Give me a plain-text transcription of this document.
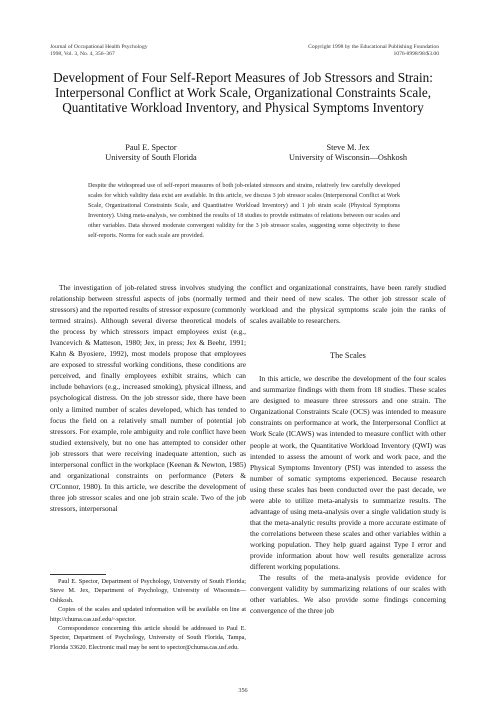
Journal of Occupational Health Psychology
1998, Vol. 3, No. 4, 356–367
Copyright 1998 by the Educational Publishing Foundation
1076-8998/98/$3.00
Development of Four Self-Report Measures of Job Stressors and Strain: Interpersonal Conflict at Work Scale, Organizational Constraints Scale, Quantitative Workload Inventory, and Physical Symptoms Inventory
Paul E. Spector
University of South Florida
Steve M. Jex
University of Wisconsin—Oshkosh

Despite the widespread use of self-report measures of both job-related stressors and strains, relatively few carefully developed scales for which validity data exist are available. In this article, we discuss 3 job stressor scales (Interpersonal Conflict at Work Scale, Organizational Constraints Scale, and Quantitative Workload Inventory) and 1 job strain scale (Physical Symptoms Inventory). Using meta-analysis, we combined the results of 18 studies to provide estimates of relations between our scales and other variables. Data showed moderate convergent validity for the 3 job stressor scales, suggesting some objectivity to these self-reports. Norms for each scale are provided.

The investigation of job-related stress involves studying the relationship between stressful aspects of jobs (normally termed stressors) and the reported results of stressor exposure (commonly termed strains). Although several diverse theoretical models of the process by which stressors impact employees exist (e.g., Ivancevich & Matteson, 1980; Jex, in press; Jex & Beehr, 1991; Kahn & Byosiere, 1992), most models propose that employees are exposed to stressful working conditions, these conditions are perceived, and finally employees exhibit strains, which can include behaviors (e.g., increased smoking), physical illness, and psychological distress. On the job stressor side, there have been only a limited number of scales developed, which has tended to focus the field on a relatively small number of potential job stressors. For example, role ambiguity and role conflict have been studied extensively, but no one has attempted to consider other job stressors that were receiving inadequate attention, such as interpersonal conflict in the workplace (Keenan & Newton, 1985) and organizational constraints on performance (Peters & O'Connor, 1980). In this article, we describe the development of three job stressor scales and one job strain scale. Two of the job stressors, interpersonal

conflict and organizational constraints, have been rarely studied and their need of new scales. The other job stressor scale of workload and the physical symptoms scale join the ranks of scales available to researchers.

The Scales

In this article, we describe the development of the four scales and summarize findings with them from 18 studies. These scales are designed to measure three stressors and one strain. The Organizational Constraints Scale (OCS) was intended to measure constraints on performance at work, the Interpersonal Conflict at Work Scale (ICAWS) was intended to measure conflict with other people at work, the Quantitative Workload Inventory (QWI) was intended to assess the amount of work and work pace, and the Physical Symptoms Inventory (PSI) was intended to assess the number of somatic symptoms experienced. Because research using these scales has been conducted over the past decade, we were able to utilize meta-analysis to summarize results. The advantage of using meta-analysis over a single validation study is that the meta-analytic results provide a more accurate estimate of the correlations between these scales and other variables within a working population. They help guard against Type I error and provide information about how well results generalize across different working populations.

The results of the meta-analysis provide evidence for convergent validity by summarizing relations of our scales with other variables. We also provide some findings concerning convergence of the three job

Paul E. Spector, Department of Psychology, University of South Florida; Steve M. Jex, Department of Psychology, University of Wisconsin—Oshkosh.

Copies of the scales and updated information will be available on line at http://chuma.cas.usf.edu/~spector.

Correspondence concerning this article should be addressed to Paul E. Spector, Department of Psychology, University of South Florida, Tampa, Florida 33620. Electronic mail may be sent to spector@chuma.cas.usf.edu.

356
